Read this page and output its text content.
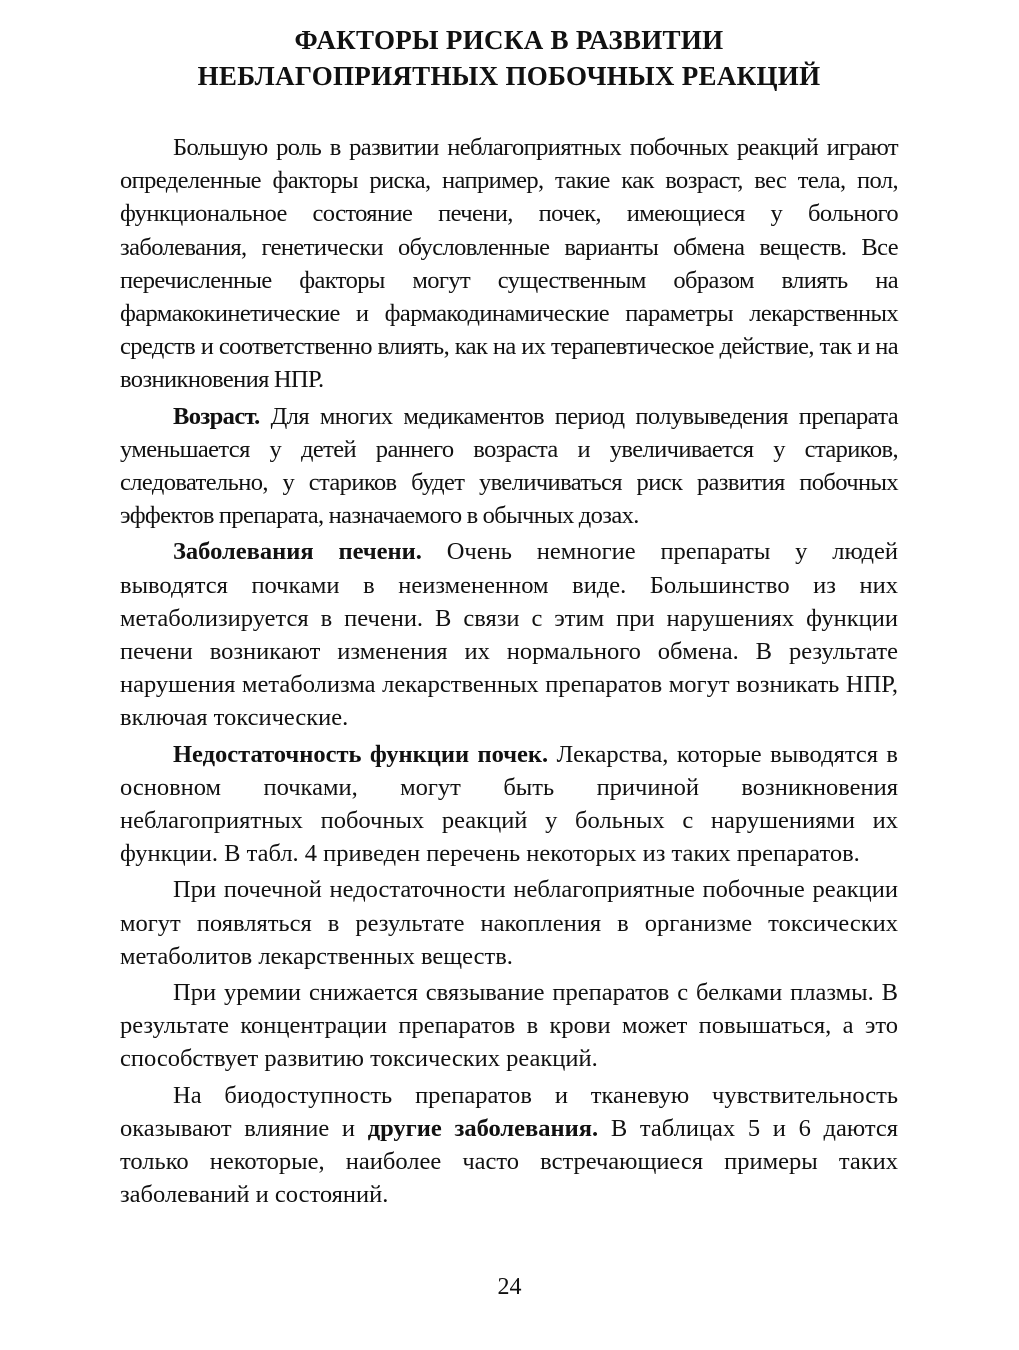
ФАКТОРЫ РИСКА В РАЗВИТИИ
НЕБЛАГОПРИЯТНЫХ ПОБОЧНЫХ РЕАКЦИЙ

Большую роль в развитии неблагоприятных побочных реакций играют определенные факторы риска, например, такие как возраст, вес тела, пол, функциональное состояние печени, почек, имеющиеся у больного заболевания, генетически обусловленные варианты обмена веществ. Все перечисленные факторы могут существенным образом влиять на фармакокинетические и фармакодинамические параметры лекарственных средств и соответственно влиять, как на их терапевтическое действие, так и на возникновения НПР.

Возраст. Для многих медикаментов период полувыведения препарата уменьшается у детей раннего возраста и увеличивается у стариков, следовательно, у стариков будет увеличиваться риск развития побочных эффектов препарата, назначаемого в обычных дозах.

Заболевания печени. Очень немногие препараты у людей выводятся почками в неизмененном виде. Большинство из них метаболизируется в печени. В связи с этим при нарушениях функции печени возникают изменения их нормального обмена. В результате нарушения метаболизма лекарственных препаратов могут возникать НПР, включая токсические.

Недостаточность функции почек. Лекарства, которые выводятся в основном почками, могут быть причиной возникновения неблагоприятных побочных реакций у больных с нарушениями их функции. В табл. 4 приведен перечень некоторых из таких препаратов.

При почечной недостаточности неблагоприятные побочные реакции могут появляться в результате накопления в организме токсических метаболитов лекарственных веществ.

При уремии снижается связывание препаратов с белками плазмы. В результате концентрации препаратов в крови может повышаться, а это способствует развитию токсических реакций.

На биодоступность препаратов и тканевую чувствительность оказывают влияние и другие заболевания. В таблицах 5 и 6 даются только некоторые, наиболее часто встречающиеся примеры таких заболеваний и состояний.

24
